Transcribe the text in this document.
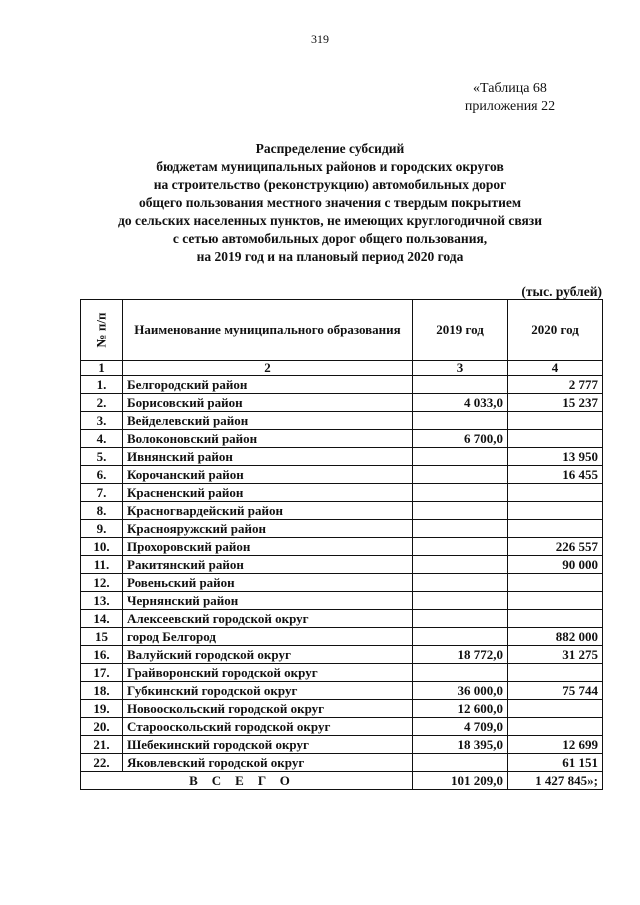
319
«Таблица 68
приложения 22
Распределение субсидий
бюджетам муниципальных районов и городских округов
на строительство (реконструкцию) автомобильных дорог
общего пользования местного значения с твердым покрытием
до сельских населенных пунктов, не имеющих круглогодичной связи
с сетью автомобильных дорог общего пользования,
на 2019 год и на плановый период 2020 года
(тыс. рублей)
№ п/п	Наименование муниципального образования	2019 год	2020 год
1	2	3	4
1.	Белгородский район		2 777
2.	Борисовский район	4 033,0	15 237
3.	Вейделевский район		
4.	Волоконовский район	6 700,0	
5.	Ивнянский район		13 950
6.	Корочанский район		16 455
7.	Красненский район		
8.	Красногвардейский район		
9.	Краснояружский район		
10.	Прохоровский район		226 557
11.	Ракитянский район		90 000
12.	Ровеньский район		
13.	Чернянский район		
14.	Алексеевский городской округ		
15	город Белгород		882 000
16.	Валуйский городской округ	18 772,0	31 275
17.	Грайворонский городской округ		
18.	Губкинский городской округ	36 000,0	75 744
19.	Новооскольский городской округ	12 600,0	
20.	Старооскольский городской округ	4 709,0	
21.	Шебекинский городской округ	18 395,0	12 699
22.	Яковлевский городской округ		61 151
ВСЕГО		101 209,0	1 427 845»;
